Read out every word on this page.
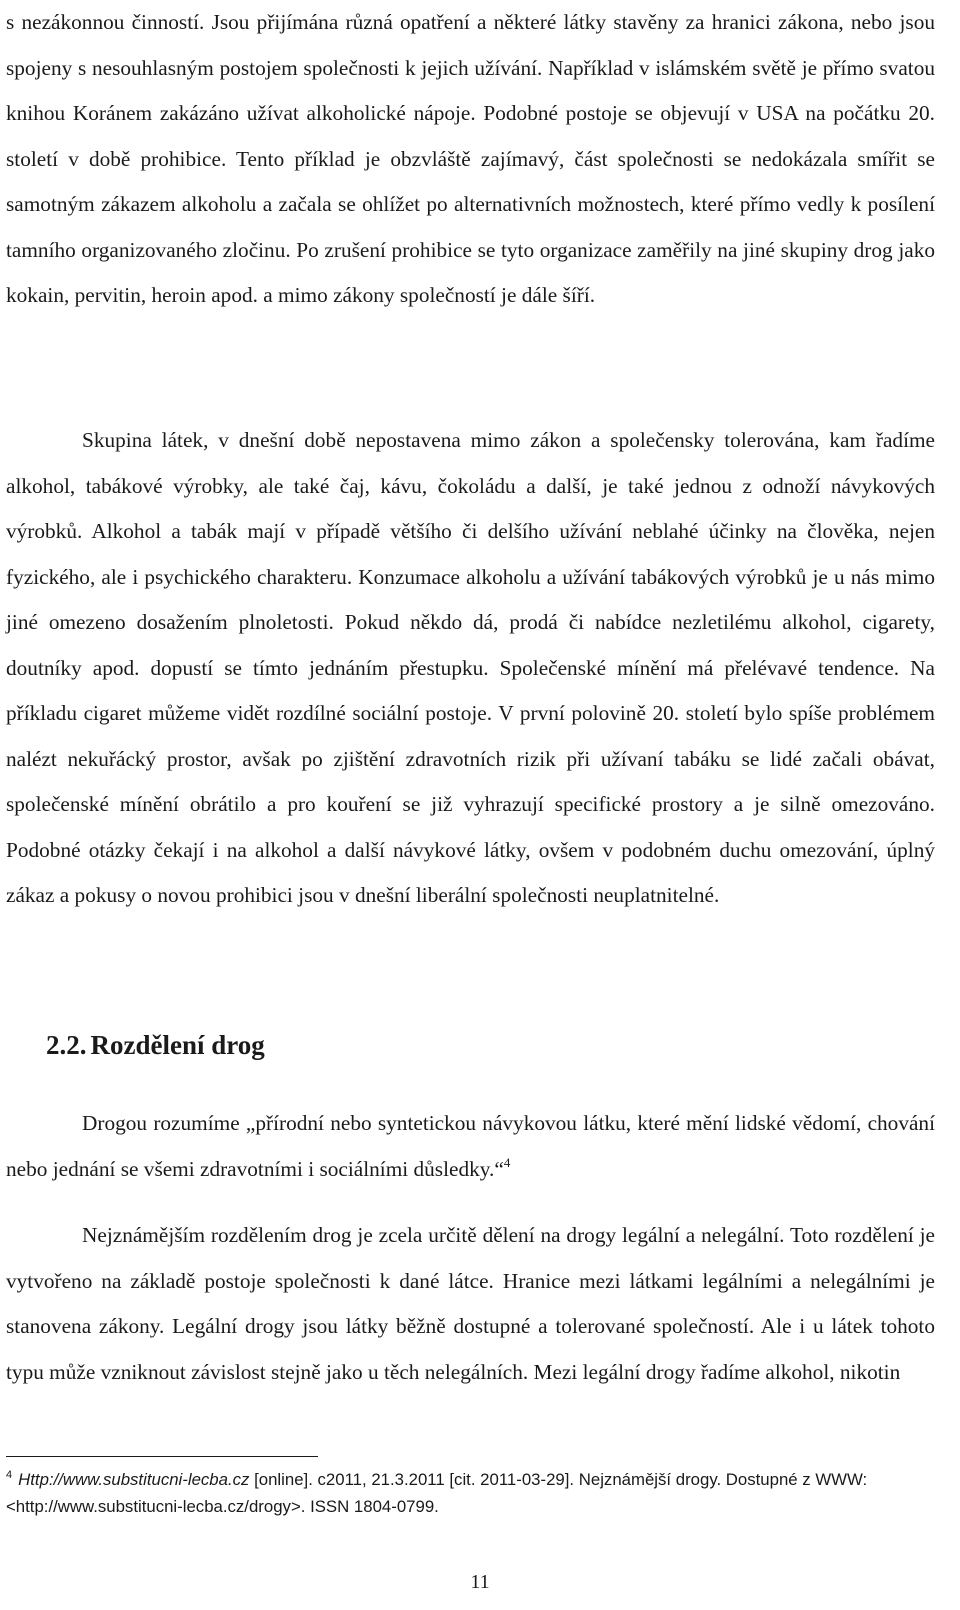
s nezákonnou činností. Jsou přijímána různá opatření a některé látky stavěny za hranici zákona, nebo jsou spojeny s nesouhlasným postojem společnosti k jejich užívání. Například v islámském světě je přímo svatou knihou Koránem zakázáno užívat alkoholické nápoje. Podobné postoje se objevují v USA na počátku 20. století v době prohibice. Tento příklad je obzvláště zajímavý, část společnosti se nedokázala smířit se samotným zákazem alkoholu a začala se ohlížet po alternativních možnostech, které přímo vedly k posílení tamního organizovaného zločinu. Po zrušení prohibice se tyto organizace zaměřily na jiné skupiny drog jako kokain, pervitin, heroin apod. a mimo zákony společností je dále šíří.

Skupina látek, v dnešní době nepostavena mimo zákon a společensky tolerována, kam řadíme alkohol, tabákové výrobky, ale také čaj, kávu, čokoládu a další, je také jednou z odnoží návykových výrobků. Alkohol a tabák mají v případě většího či delšího užívání neblahé účinky na člověka, nejen fyzického, ale i psychického charakteru. Konzumace alkoholu a užívání tabákových výrobků je u nás mimo jiné omezeno dosažením plnoletosti. Pokud někdo dá, prodá či nabídce nezletilému alkohol, cigarety, doutníky apod. dopustí se tímto jednáním přestupku. Společenské mínění má přelévavé tendence. Na příkladu cigaret můžeme vidět rozdílné sociální postoje. V první polovině 20. století bylo spíše problémem nalézt nekuřácký prostor, avšak po zjištění zdravotních rizik při užívaní tabáku se lidé začali obávat, společenské mínění obrátilo a pro kouření se již vyhrazují specifické prostory a je silně omezováno. Podobné otázky čekají i na alkohol a další návykové látky, ovšem v podobném duchu omezování, úplný zákaz a pokusy o novou prohibici jsou v dnešní liberální společnosti neuplatnitelné.

2.2. Rozdělení drog

Drogou rozumíme „přírodní nebo syntetickou návykovou látku, které mění lidské vědomí, chování nebo jednání se všemi zdravotními i sociálními důsledky.“$^4$

Nejznámějším rozdělením drog je zcela určitě dělení na drogy legální a nelegální. Toto rozdělení je vytvořeno na základě postoje společnosti k dané látce. Hranice mezi látkami legálními a nelegálními je stanovena zákony. Legální drogy jsou látky běžně dostupné a tolerované společností. Ale i u látek tohoto typu může vzniknout závislost stejně jako u těch nelegálních. Mezi legální drogy řadíme alkohol, nikotin

$^4$ Http://www.substitucni-lecba.cz [online]. c2011, 21.3.2011 [cit. 2011-03-29]. Nejznámější drogy. Dostupné z WWW: <http://www.substitucni-lecba.cz/drogy>. ISSN 1804-0799.

11
